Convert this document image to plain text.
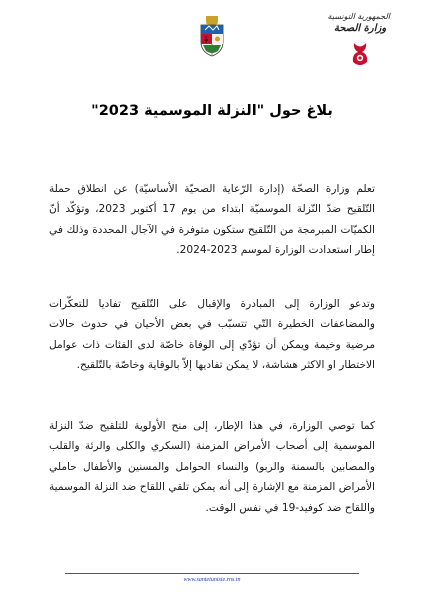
الجمهورية التونسية
وزارة الصحة
بلاغ حول "النزلة الموسمية 2023"

تعلم وزارة الصحّة (إدارة الرّعاية الصحيّة الأساسيّة) عن انطلاق حملة التّلقيح ضدّ النّزلة الموسميّة ابتداء من يوم 17 أكتوبر 2023، وتؤكّد أنّ الكميّات المبرمجة من التّلقيح ستكون متوفرة في الآجال المحددة وذلك في إطار استعدادت الوزارة لموسم 2023-2024.

وتدعو الوزارة إلى المبادرة والإقبال على التّلقيح تفاديا للتعكّرات والمضاعفات الخطيرة التّي تتسبّب في بعض الأحيان في حدوث حالات مرضية وخيمة ويمكن أن تؤدّي إلى الوفاة خاصّة لدى الفئات ذات عوامل الاختطار او الاكثر هشاشة، لا يمكن تفاديها إلاّ بالوقاية وخاصّة بالتّلقيح.

كما توصي الوزارة، في هذا الإطار، إلى منح الأولوية للتلقيح ضدّ النزلة الموسمية إلى أصحاب الأمراض المزمنة (السكري والكلى والرئة والقلب والمصابين بالسمنة والربو) والنساء الحوامل والمسنين والأطفال حاملي الأمراض المزمنة مع الإشارة إلى أنه يمكن تلقي اللقاح ضد النزلة الموسمية واللقاح ضد كوفيد-19 في نفس الوقت.

www.santetunisie.rns.tn
